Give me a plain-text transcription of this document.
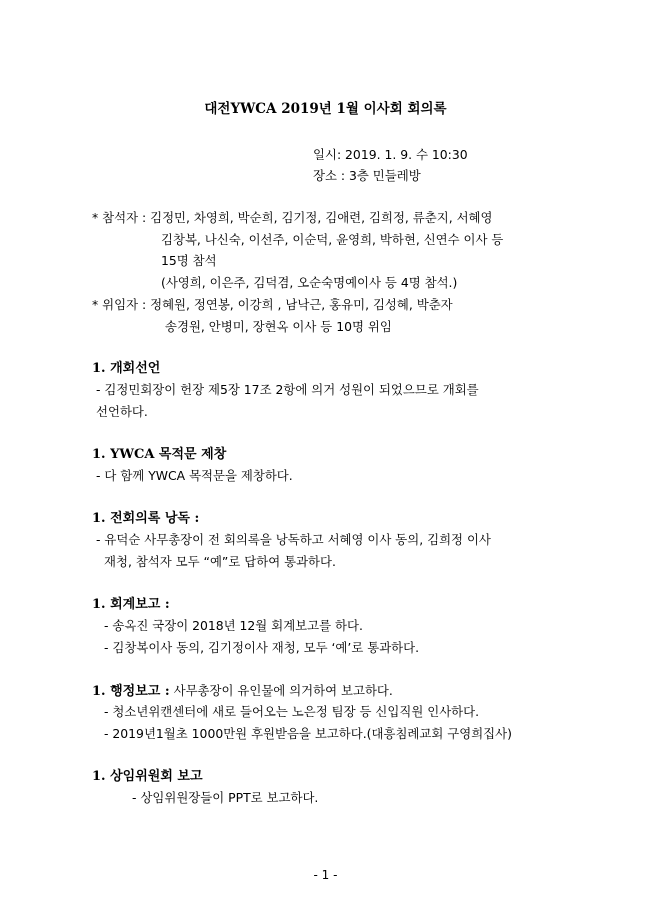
대전YWCA 2019년 1월 이사회 회의록
일시: 2019. 1. 9. 수 10:30
장소 : 3층 민들레방
* 참석자 : 김정민, 차영희, 박순희, 김기정, 김애련, 김희정, 류춘지, 서혜영
김창복, 나신숙, 이선주, 이순덕, 윤영희, 박하현, 신연수 이사 등
15명 참석
(사영희, 이은주, 김덕겸, 오순숙명예이사 등 4명 참석.)
* 위임자 : 정혜원, 정연봉, 이강희 , 남낙근, 홍유미, 김성혜, 박춘자
송경원, 안병미, 장현옥 이사 등 10명 위임
1. 개회선언
- 김정민회장이 헌장 제5장 17조 2항에 의거 성원이 되었으므로 개회를
선언하다.
1. YWCA 목적문 제창
- 다 함께 YWCA 목적문을 제창하다.
1. 전회의록 낭독 :
- 유덕순 사무총장이 전 회의록을 낭독하고 서혜영 이사 동의, 김희정 이사
재청, 참석자 모두 “예”로 답하여 통과하다.
1. 회계보고 :
- 송옥진 국장이 2018년 12월 회계보고를 하다.
- 김창복이사 동의, 김기정이사 재청, 모두 ‘예’로 통과하다.
1. 행정보고 : 사무총장이 유인물에 의거하여 보고하다.
- 청소년위캔센터에 새로 들어오는 노은정 팀장 등 신입직원 인사하다.
- 2019년1월초 1000만원 후원받음을 보고하다.(대흥침례교회 구영희집사)
1. 상임위원회 보고
- 상임위원장들이 PPT로 보고하다.
- 1 -
